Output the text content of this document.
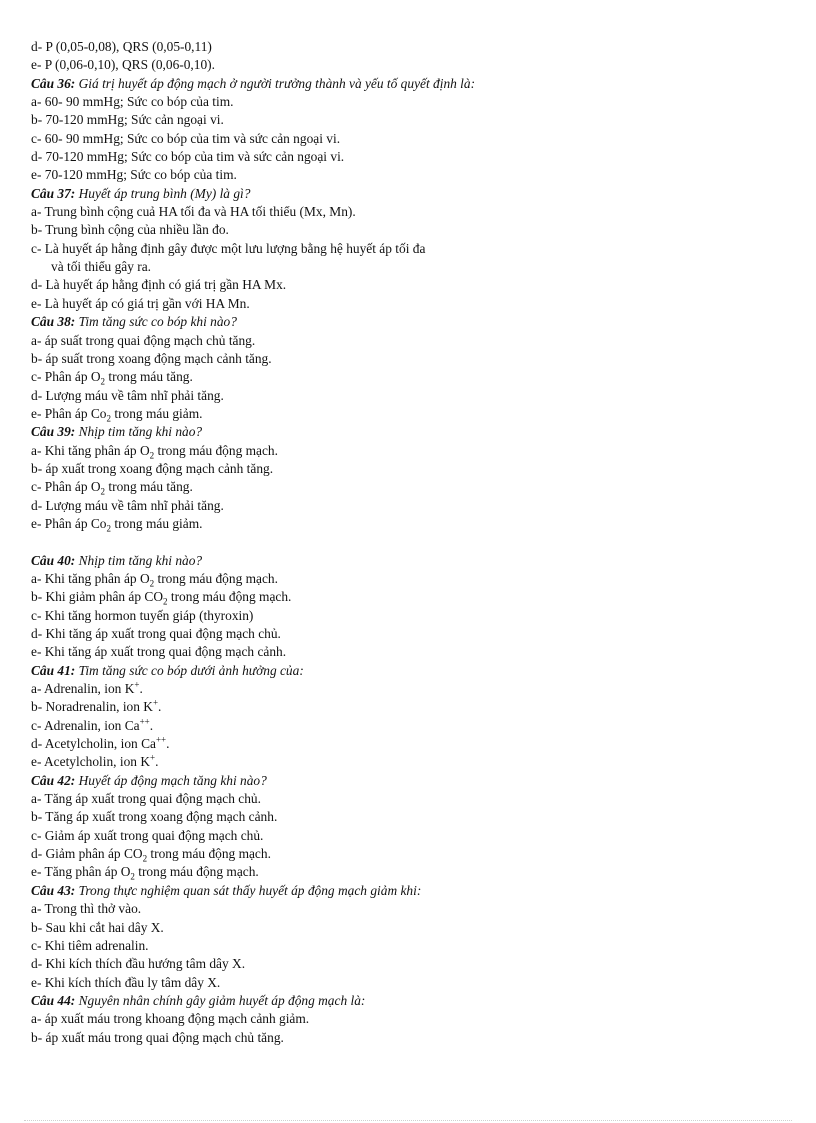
d- P (0,05-0,08), QRS (0,05-0,11)
e- P (0,06-0,10), QRS (0,06-0,10).
Câu 36: Giá trị huyết áp động mạch ở người trưởng thành và yếu tố quyết định là:
a- 60- 90 mmHg; Sức co bóp của tim.
b- 70-120 mmHg; Sức cản ngoại vi.
c- 60- 90 mmHg; Sức co bóp của tim và sức cản ngoại vi.
d- 70-120 mmHg; Sức co bóp của tim và sức cản ngoại vi.
e- 70-120 mmHg; Sức co bóp của tim.
Câu 37: Huyết áp trung bình (My) là gì?
a- Trung bình cộng cuả HA tối đa và HA tối thiểu (Mx, Mn).
b- Trung bình cộng của nhiều lần đo.
c- Là huyết áp hằng định gây được một lưu lượng bằng hệ huyết áp tối đa
và tối thiểu gây ra.
d- Là huyết áp hằng định có giá trị gần HA Mx.
e- Là huyết áp có giá trị gần với HA Mn.
Câu 38: Tim tăng sức co bóp khi nào?
a- áp suất trong quai động mạch chủ tăng.
b- áp suất trong xoang động mạch cảnh tăng.
c- Phân áp $O_2$ trong máu tăng.
d- Lượng máu về tâm nhĩ phải tăng.
e- Phân áp $Co_2$ trong máu giảm.
Câu 39: Nhịp tim tăng khi nào?
a- Khi tăng phân áp $O_2$ trong máu động mạch.
b- áp xuất trong xoang động mạch cảnh tăng.
c- Phân áp $O_2$ trong máu tăng.
d- Lượng máu về tâm nhĩ phải tăng.
e- Phân áp $Co_2$ trong máu giảm.
Câu 40: Nhịp tim tăng khi nào?
a- Khi tăng phân áp $O_2$ trong máu động mạch.
b- Khi giảm phân áp $CO_2$ trong máu động mạch.
c- Khi tăng hormon tuyến giáp (thyroxin)
d- Khi tăng áp xuất trong quai động mạch chủ.
e- Khi tăng áp xuất trong quai động mạch cảnh.
Câu 41: Tim tăng sức co bóp dưới ảnh hưởng của:
a- Adrenalin, ion K+.
b- Noradrenalin, ion K+.
c- Adrenalin, ion Ca++.
d- Acetylcholin, ion Ca++.
e- Acetylcholin, ion K+.
Câu 42: Huyết áp động mạch tăng khi nào?
a- Tăng áp xuất trong quai động mạch chủ.
b- Tăng áp xuất trong xoang động mạch cảnh.
c- Giảm áp xuất trong quai động mạch chủ.
d- Giảm phân áp $CO_2$ trong máu động mạch.
e- Tăng phân áp $O_2$ trong máu động mạch.
Câu 43: Trong thực nghiệm quan sát thấy huyết áp động mạch giảm khi:
a- Trong thì thở vào.
b- Sau khi cắt hai dây X.
c- Khi tiêm adrenalin.
d- Khi kích thích đầu hướng tâm dây X.
e- Khi kích thích đầu ly tâm dây X.
Câu 44: Nguyên nhân chính gây giảm huyết áp động mạch là:
a- áp xuất máu trong khoang động mạch cảnh giảm.
b- áp xuất máu trong quai động mạch chủ tăng.
